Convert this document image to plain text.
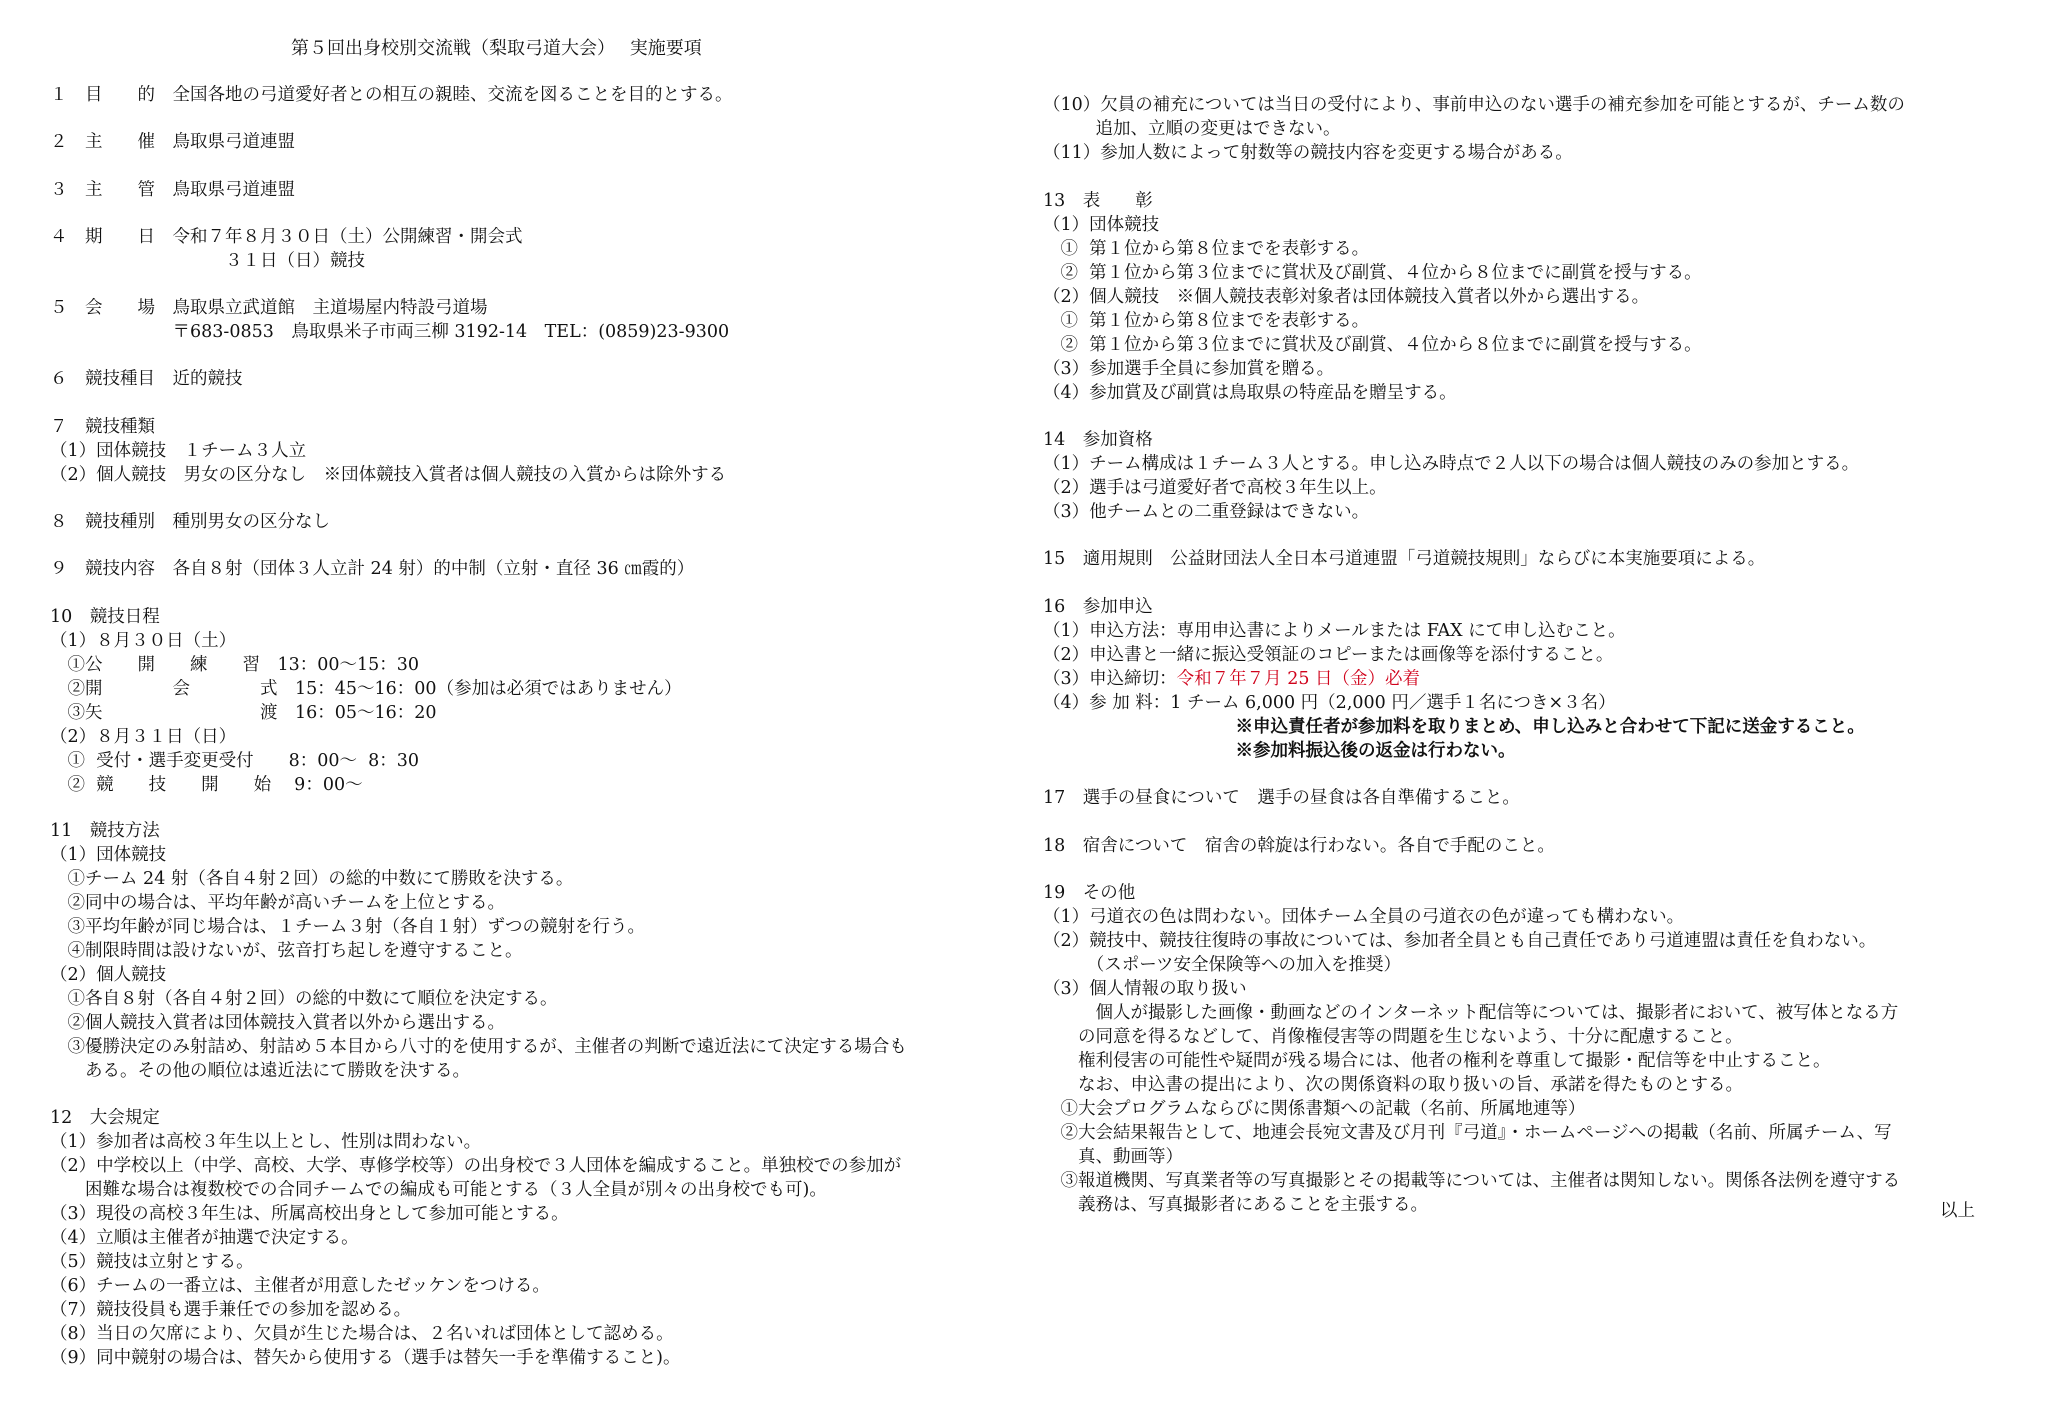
第５回出身校別交流戦（梨取弓道大会）　 実施要項
１　目　　的　全国各地の弓道愛好者との相互の親睦、交流を図ることを目的とする。
２　主　　催　鳥取県弓道連盟
３　主　　管　鳥取県弓道連盟
４　期　　日　令和７年８月３０日（土）公開練習・開会式
　　　　　　　　　　３１日（日）競技
５　会　　場　鳥取県立武道館　主道場屋内特設弓道場
　　　　　　　〒683-0853　鳥取県米子市両三柳 3192-14　TEL：(0859)23-9300
６　競技種目　近的競技
７　競技種類
（1）団体競技　１チーム３人立
（2）個人競技　男女の区分なし　※団体競技入賞者は個人競技の入賞からは除外する
８　競技種別　種別男女の区分なし
９　競技内容　各自８射（団体３人立計 24 射）的中制（立射・直径 36 ㎝霞的）
10　競技日程
（1）８月３０日（土）
　①公　　開　　練　　習　13：00～15：30
　②開　　　　会　　　　式　15：45～16：00（参加は必須ではありません）
　③矢　　　　　　　　　渡　16：05～16：20
（2）８月３１日（日）
　①  受付・選手変更受付　　8：00～  8：30
　②  競　　技　　開　　始　 9：00～
11　競技方法
（1）団体競技
　①チーム 24 射（各自４射２回）の総的中数にて勝敗を決する。
　②同中の場合は、平均年齢が高いチームを上位とする。
　③平均年齢が同じ場合は、１チーム３射（各自１射）ずつの競射を行う。
　④制限時間は設けないが、弦音打ち起しを遵守すること。
（2）個人競技
　①各自８射（各自４射２回）の総的中数にて順位を決定する。
　②個人競技入賞者は団体競技入賞者以外から選出する。
　③優勝決定のみ射詰め、射詰め５本目から八寸的を使用するが、主催者の判断で遠近法にて決定する場合も
　　ある。その他の順位は遠近法にて勝敗を決する。
12　大会規定
（1）参加者は高校３年生以上とし、性別は問わない。
（2）中学校以上（中学、高校、大学、専修学校等）の出身校で３人団体を編成すること。単独校での参加が
　　困難な場合は複数校での合同チームでの編成も可能とする（３人全員が別々の出身校でも可)。
（3）現役の高校３年生は、所属高校出身として参加可能とする。
（4）立順は主催者が抽選で決定する。
（5）競技は立射とする。
（6）チームの一番立は、主催者が用意したゼッケンをつける。
（7）競技役員も選手兼任での参加を認める。
（8）当日の欠席により、欠員が生じた場合は、２名いれば団体として認める。
（9）同中競射の場合は、替矢から使用する（選手は替矢一手を準備すること)。
（10）欠員の補充については当日の受付により、事前申込のない選手の補充参加を可能とするが、チーム数の
　　　追加、立順の変更はできない。
（11）参加人数によって射数等の競技内容を変更する場合がある。
13　表　　彰
（1）団体競技
　①  第１位から第８位までを表彰する。
　②  第１位から第３位までに賞状及び副賞、４位から８位までに副賞を授与する。
（2）個人競技　※個人競技表彰対象者は団体競技入賞者以外から選出する。
　①  第１位から第８位までを表彰する。
　②  第１位から第３位までに賞状及び副賞、４位から８位までに副賞を授与する。
（3）参加選手全員に参加賞を贈る。
（4）参加賞及び副賞は鳥取県の特産品を贈呈する。
14　参加資格
（1）チーム構成は１チーム３人とする。申し込み時点で２人以下の場合は個人競技のみの参加とする。
（2）選手は弓道愛好者で高校３年生以上。
（3）他チームとの二重登録はできない。
15　適用規則　公益財団法人全日本弓道連盟「弓道競技規則」ならびに本実施要項による。
16　参加申込
（1）申込方法：専用申込書によりメールまたは FAX にて申し込むこと。
（2）申込書と一緒に振込受領証のコピーまたは画像等を添付すること。
（3）申込締切：令和７年７月 25 日（金）必着
（4）参 加 料：1 チーム 6,000 円（2,000 円／選手１名につき×３名）
　　　　　　　　　　　※申込責任者が参加料を取りまとめ、申し込みと合わせて下記に送金すること。
　　　　　　　　　　　※参加料振込後の返金は行わない。
17　選手の昼食について　選手の昼食は各自準備すること。
18　宿舎について　宿舎の斡旋は行わない。各自で手配のこと。
19　その他
（1）弓道衣の色は問わない。団体チーム全員の弓道衣の色が違っても構わない。
（2）競技中、競技往復時の事故については、参加者全員とも自己責任であり弓道連盟は責任を負わない。
　　　（スポーツ安全保険等への加入を推奨）
（3）個人情報の取り扱い
　　　個人が撮影した画像・動画などのインターネット配信等については、撮影者において、被写体となる方
　　の同意を得るなどして、肖像権侵害等の問題を生じないよう、十分に配慮すること。
　　権利侵害の可能性や疑問が残る場合には、他者の権利を尊重して撮影・配信等を中止すること。
　　なお、申込書の提出により、次の関係資料の取り扱いの旨、承諾を得たものとする。
　①大会プログラムならびに関係書類への記載（名前、所属地連等）
　②大会結果報告として、地連会長宛文書及び月刊『弓道』・ホームページへの掲載（名前、所属チーム、写
　　真、動画等）
　③報道機関、写真業者等の写真撮影とその掲載等については、主催者は関知しない。関係各法例を遵守する
　　義務は、写真撮影者にあることを主張する。	以上
